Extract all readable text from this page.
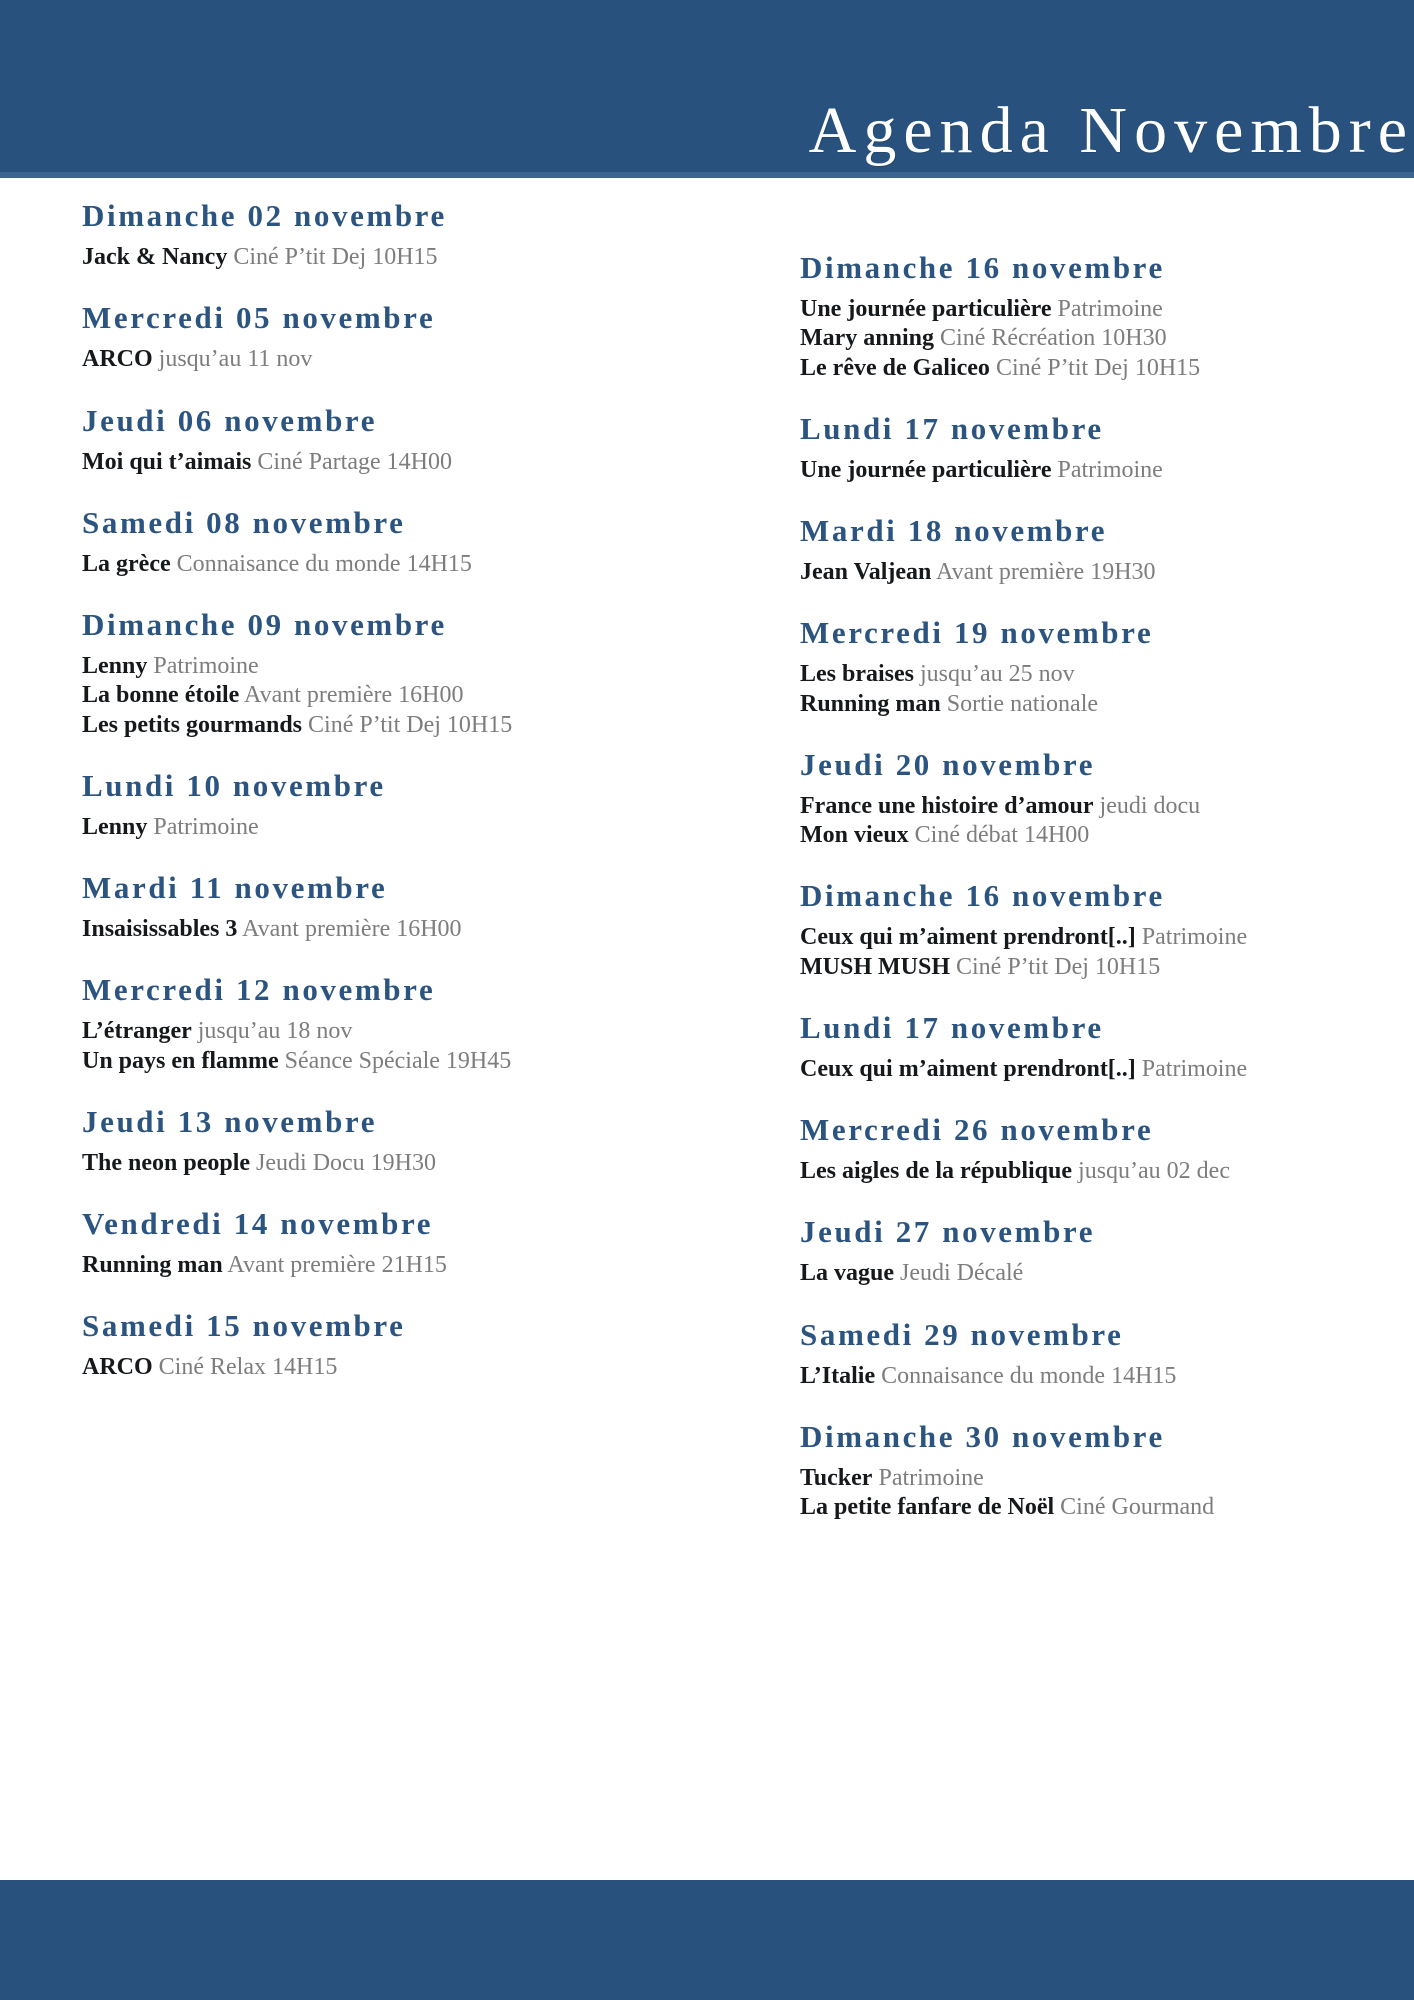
Agenda Novembre
Dimanche 02 novembre
Jack & Nancy Ciné P’tit Dej 10H15
Mercredi 05 novembre
ARCO jusqu’au 11 nov
Jeudi 06 novembre
Moi qui t’aimais Ciné Partage 14H00
Samedi 08 novembre
La grèce Connaisance du monde 14H15
Dimanche 09 novembre
Lenny Patrimoine
La bonne étoile Avant première 16H00
Les petits gourmands Ciné P’tit Dej 10H15
Lundi 10 novembre
Lenny Patrimoine
Mardi 11 novembre
Insaisissables 3 Avant première 16H00
Mercredi 12 novembre
L’étranger jusqu’au 18 nov
Un pays en flamme Séance Spéciale 19H45
Jeudi 13 novembre
The neon people Jeudi Docu 19H30
Vendredi 14 novembre
Running man Avant première 21H15
Samedi 15 novembre
ARCO Ciné Relax 14H15
Dimanche 16 novembre
Une journée particulière Patrimoine
Mary anning Ciné Récréation 10H30
Le rêve de Galiceo Ciné P’tit Dej 10H15
Lundi 17 novembre
Une journée particulière Patrimoine
Mardi 18 novembre
Jean Valjean Avant première 19H30
Mercredi 19 novembre
Les braises jusqu’au 25 nov
Running man Sortie nationale
Jeudi 20 novembre
France une histoire d’amour jeudi docu
Mon vieux Ciné débat 14H00
Dimanche 16 novembre
Ceux qui m’aiment prendront[..] Patrimoine
MUSH MUSH Ciné P’tit Dej 10H15
Lundi 17 novembre
Ceux qui m’aiment prendront[..] Patrimoine
Mercredi 26 novembre
Les aigles de la république jusqu’au 02 dec
Jeudi 27 novembre
La vague Jeudi Décalé
Samedi 29 novembre
L’Italie Connaisance du monde 14H15
Dimanche 30 novembre
Tucker Patrimoine
La petite fanfare de Noël Ciné Gourmand
